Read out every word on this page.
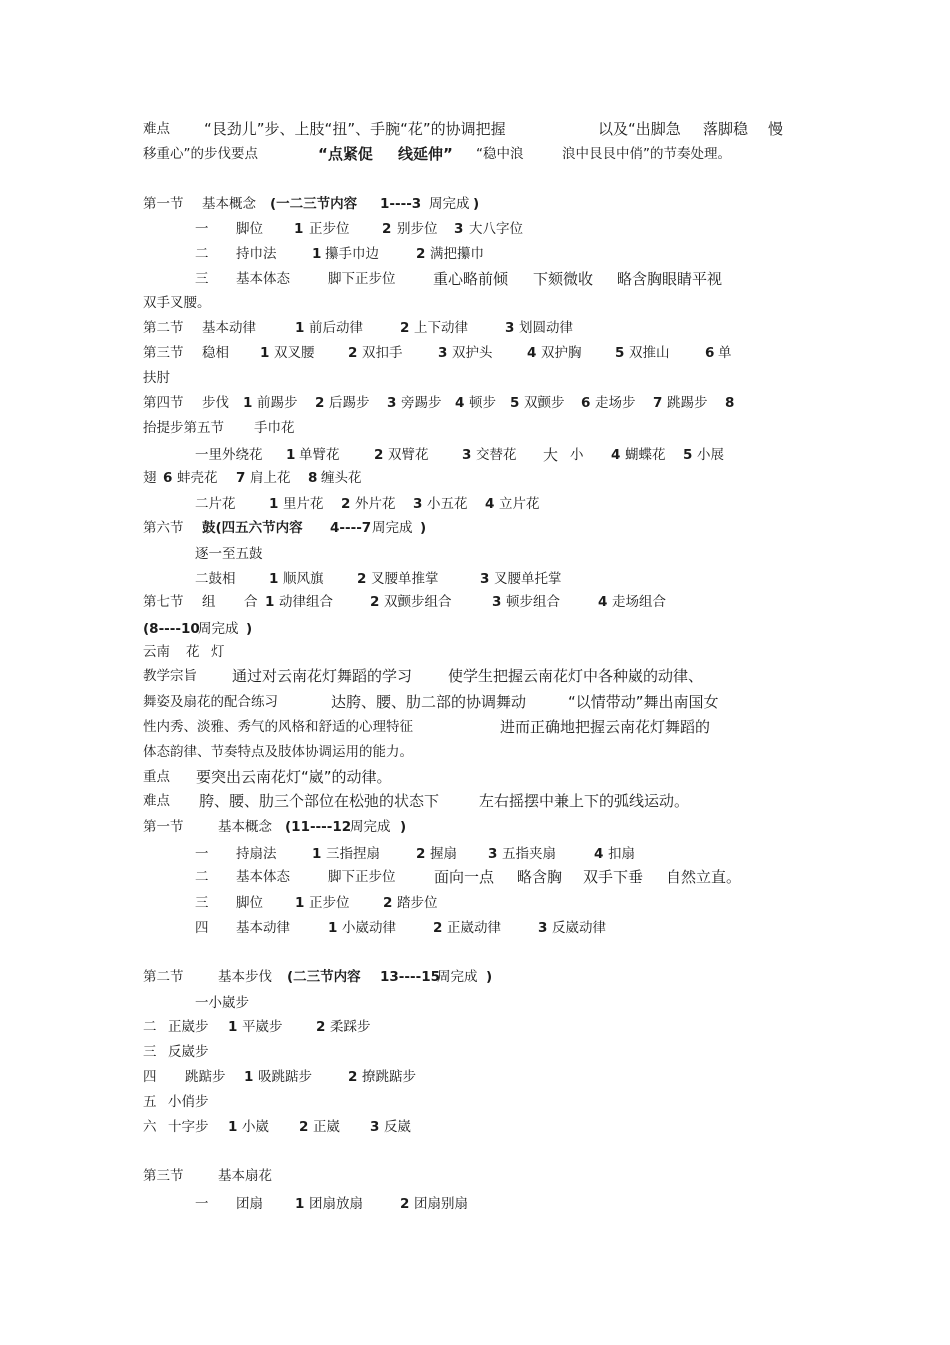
难点 “艮劲儿”步、上肢“扭”、手腕“花”的协调把握	以及“出脚急 落脚稳 慢
移重心”的步伐要点	“点紧促 线延伸” “稳中浪	浪中艮艮中俏”的节奏处理。
第一节 基本概念 (一二三节内容 1----3 周完成 )
一 脚位 1 正步位 2 别步位 3 大八字位
二 持巾法	1 攥手巾边	2 满把攥巾
三 基本体态	脚下正步位	重心略前倾 下颏微收 略含胸眼睛平视
双手叉腰。
第二节 基本动律	1 前后动律	2 上下动律	3 划圆动律
第三节 稳相 1 双叉腰 2 双扣手	3 双护头	4 双护胸 5 双推山	6 单
扶肘
第四节 步伐 1 前踢步 2 后踢步 3 旁踢步 4 顿步 5 双颤步 6 走场步 7 跳踢步 8
抬提步第五节 手巾花
一里外绕花 1 单臂花	2 双臂花 3 交替花 大 小 4 蝴蝶花 5 小展
翅 6 蚌壳花 7 肩上花 8 缠头花
二片花 1 里片花 2 外片花 3 小五花 4 立片花
第六节 鼓(四五六节内容 4----7 周完成 )
逐一至五鼓
二鼓相 1 顺风旗 2 叉腰单推掌	3 叉腰单托掌
第七节 组 合 1 动律组合	2 双颤步组合	3 顿步组合	4 走场组合
(8----10
周完成 )
云南 花 灯
教学宗旨 通过对云南花灯舞蹈的学习 使学生把握云南花灯中各种崴的动律、
舞姿及扇花的配合练习	达胯、腰、肋二部的协调舞动	“以情带动”舞出南国女
性内秀、淡雅、秀气的风格和舒适的心理特征	进而正确地把握云南花灯舞蹈的
体态韵律、节奏特点及肢体协调运用的能力。
重点 要突出云南花灯“崴”的动律。
难点 胯、腰、肋三个部位在松弛的状态下	左右摇摆中兼上下的弧线运动。
第一节	基本概念 (11----12
周完成 )
一 持扇法	1 三指捏扇	2 握扇 3 五指夹扇	4 扣扇
二 基本体态	脚下正步位	面向一点 略含胸 双手下垂 自然立直。
三 脚位 1 正步位 2 踏步位
四 基本动律	1 小崴动律	2 正崴动律	3 反崴动律
第二节	基本步伐 (二三节内容 13----15
周完成 )
一小崴步
二 正崴步 1 平崴步 2 柔踩步
三 反崴步
四 跳踮步 1 吸跳踮步	2 撩跳踮步
五 小俏步
六 十字步 1 小崴 2 正崴 3 反崴
第三节	基本扇花
一 团扇 1 团扇放扇	2 团扇别扇
